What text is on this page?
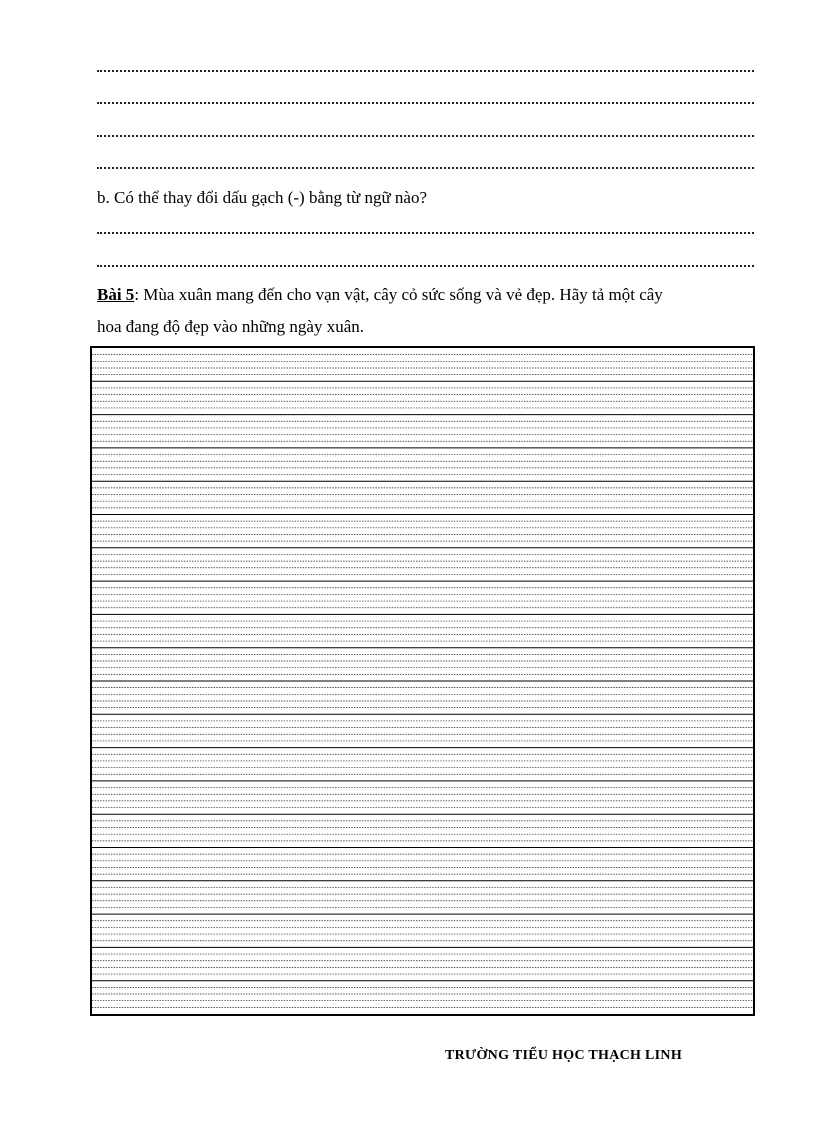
b. Có thể thay đổi dấu gạch (-) bằng từ ngữ nào?
Bài 5: Mùa xuân mang đến cho vạn vật, cây cỏ sức sống và vẻ đẹp. Hãy tả một cây
hoa đang độ đẹp vào những ngày xuân.
TRƯỜNG TIỂU HỌC THẠCH LINH
